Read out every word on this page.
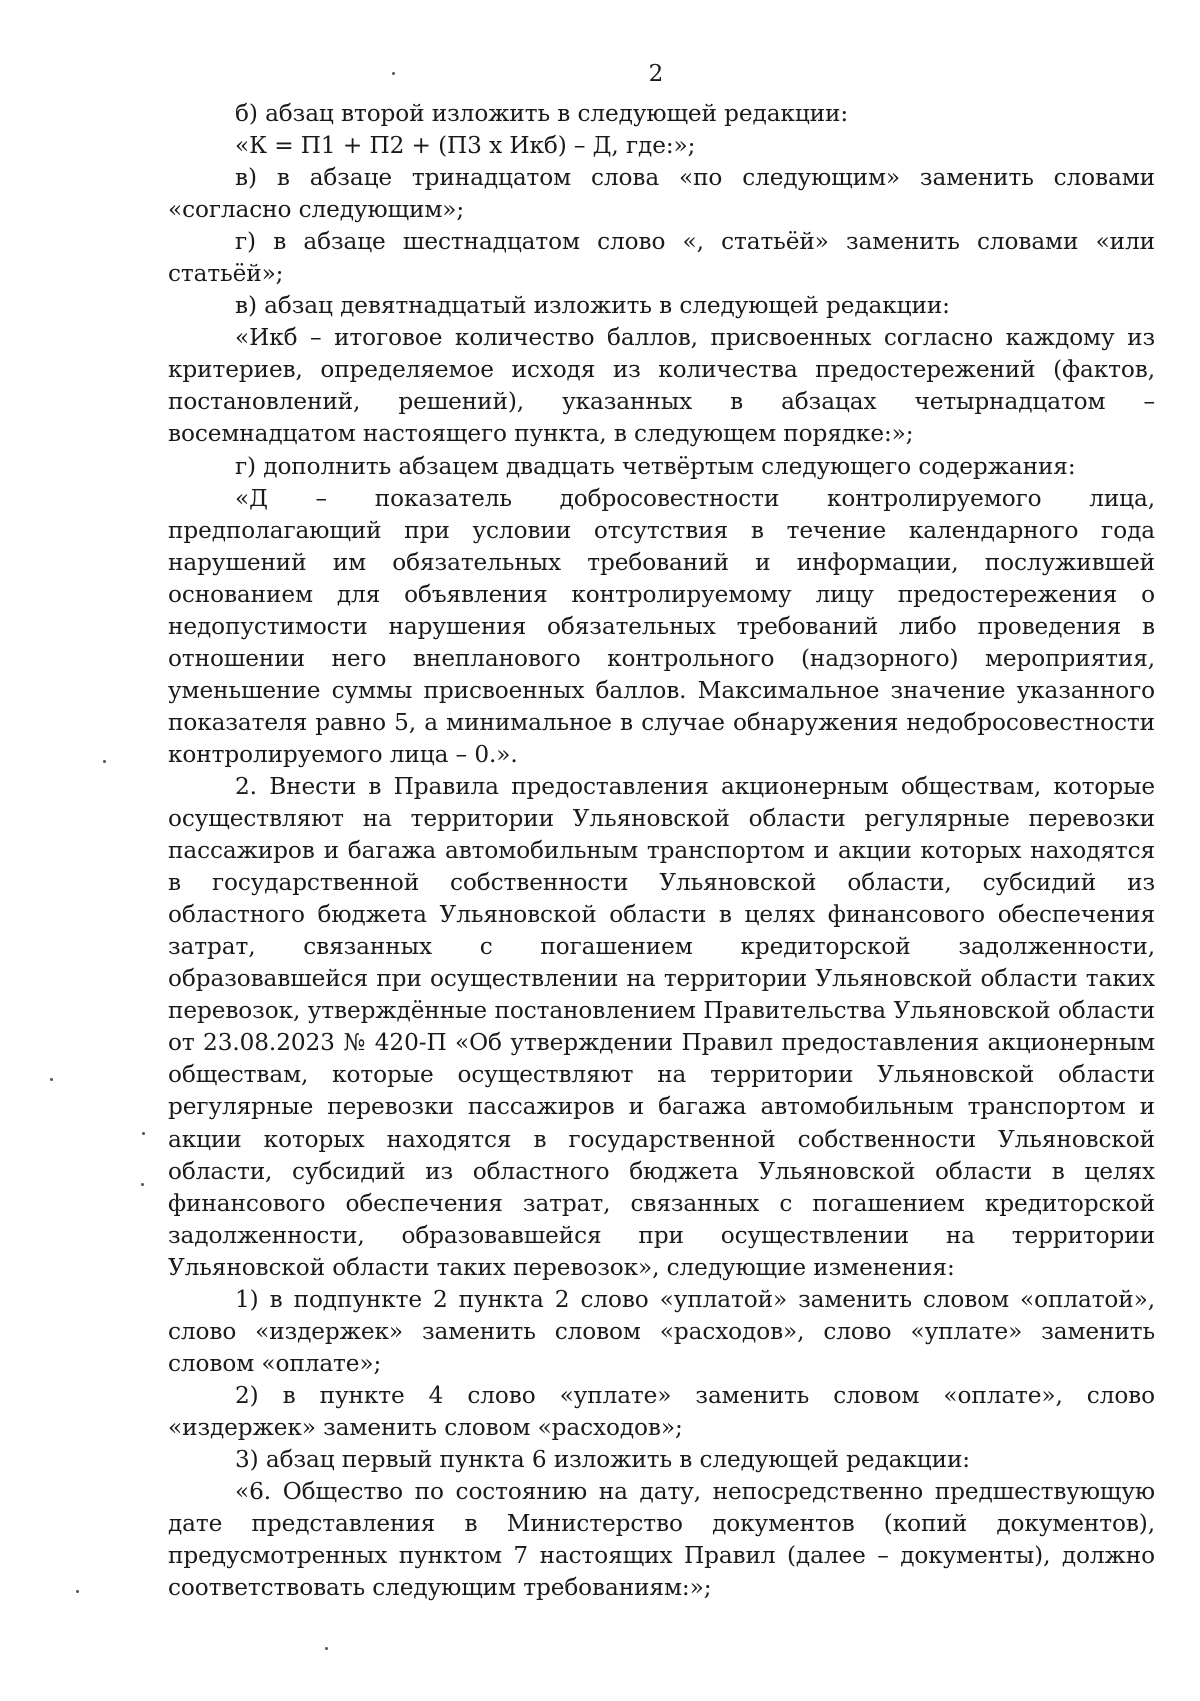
2

б) абзац второй изложить в следующей редакции:

«К = П1 + П2 + (П3 х Икб) – Д, где:»;

в) в абзаце тринадцатом слова «по следующим» заменить словами «согласно следующим»;

г) в абзаце шестнадцатом слово «, статьёй» заменить словами «или статьёй»;

в) абзац девятнадцатый изложить в следующей редакции:

«Икб – итоговое количество баллов, присвоенных согласно каждому из критериев, определяемое исходя из количества предостережений (фактов, постановлений, решений), указанных в абзацах четырнадцатом – восемнадцатом настоящего пункта, в следующем порядке:»;

г) дополнить абзацем двадцать четвёртым следующего содержания:

«Д – показатель добросовестности контролируемого лица, предполагающий при условии отсутствия в течение календарного года нарушений им обязательных требований и информации, послужившей основанием для объявления контролируемому лицу предостережения о недопустимости нарушения обязательных требований либо проведения в отношении него внепланового контрольного (надзорного) мероприятия, уменьшение суммы присвоенных баллов. Максимальное значение указанного показателя равно 5, а минимальное в случае обнаружения недобросовестности контролируемого лица – 0.».

2. Внести в Правила предоставления акционерным обществам, которые осуществляют на территории Ульяновской области регулярные перевозки пассажиров и багажа автомобильным транспортом и акции которых находятся в государственной собственности Ульяновской области, субсидий из областного бюджета Ульяновской области в целях финансового обеспечения затрат, связанных с погашением кредиторской задолженности, образовавшейся при осуществлении на территории Ульяновской области таких перевозок, утверждённые постановлением Правительства Ульяновской области от 23.08.2023 № 420-П «Об утверждении Правил предоставления акционерным обществам, которые осуществляют на территории Ульяновской области регулярные перевозки пассажиров и багажа автомобильным транспортом и акции которых находятся в государственной собственности Ульяновской области, субсидий из областного бюджета Ульяновской области в целях финансового обеспечения затрат, связанных с погашением кредиторской задолженности, образовавшейся при осуществлении на территории Ульяновской области таких перевозок», следующие изменения:

1) в подпункте 2 пункта 2 слово «уплатой» заменить словом «оплатой», слово «издержек» заменить словом «расходов», слово «уплате» заменить словом «оплате»;

2) в пункте 4 слово «уплате» заменить словом «оплате», слово «издержек» заменить словом «расходов»;

3) абзац первый пункта 6 изложить в следующей редакции:

«6. Общество по состоянию на дату, непосредственно предшествующую дате представления в Министерство документов (копий документов), предусмотренных пунктом 7 настоящих Правил (далее – документы), должно соответствовать следующим требованиям:»;
